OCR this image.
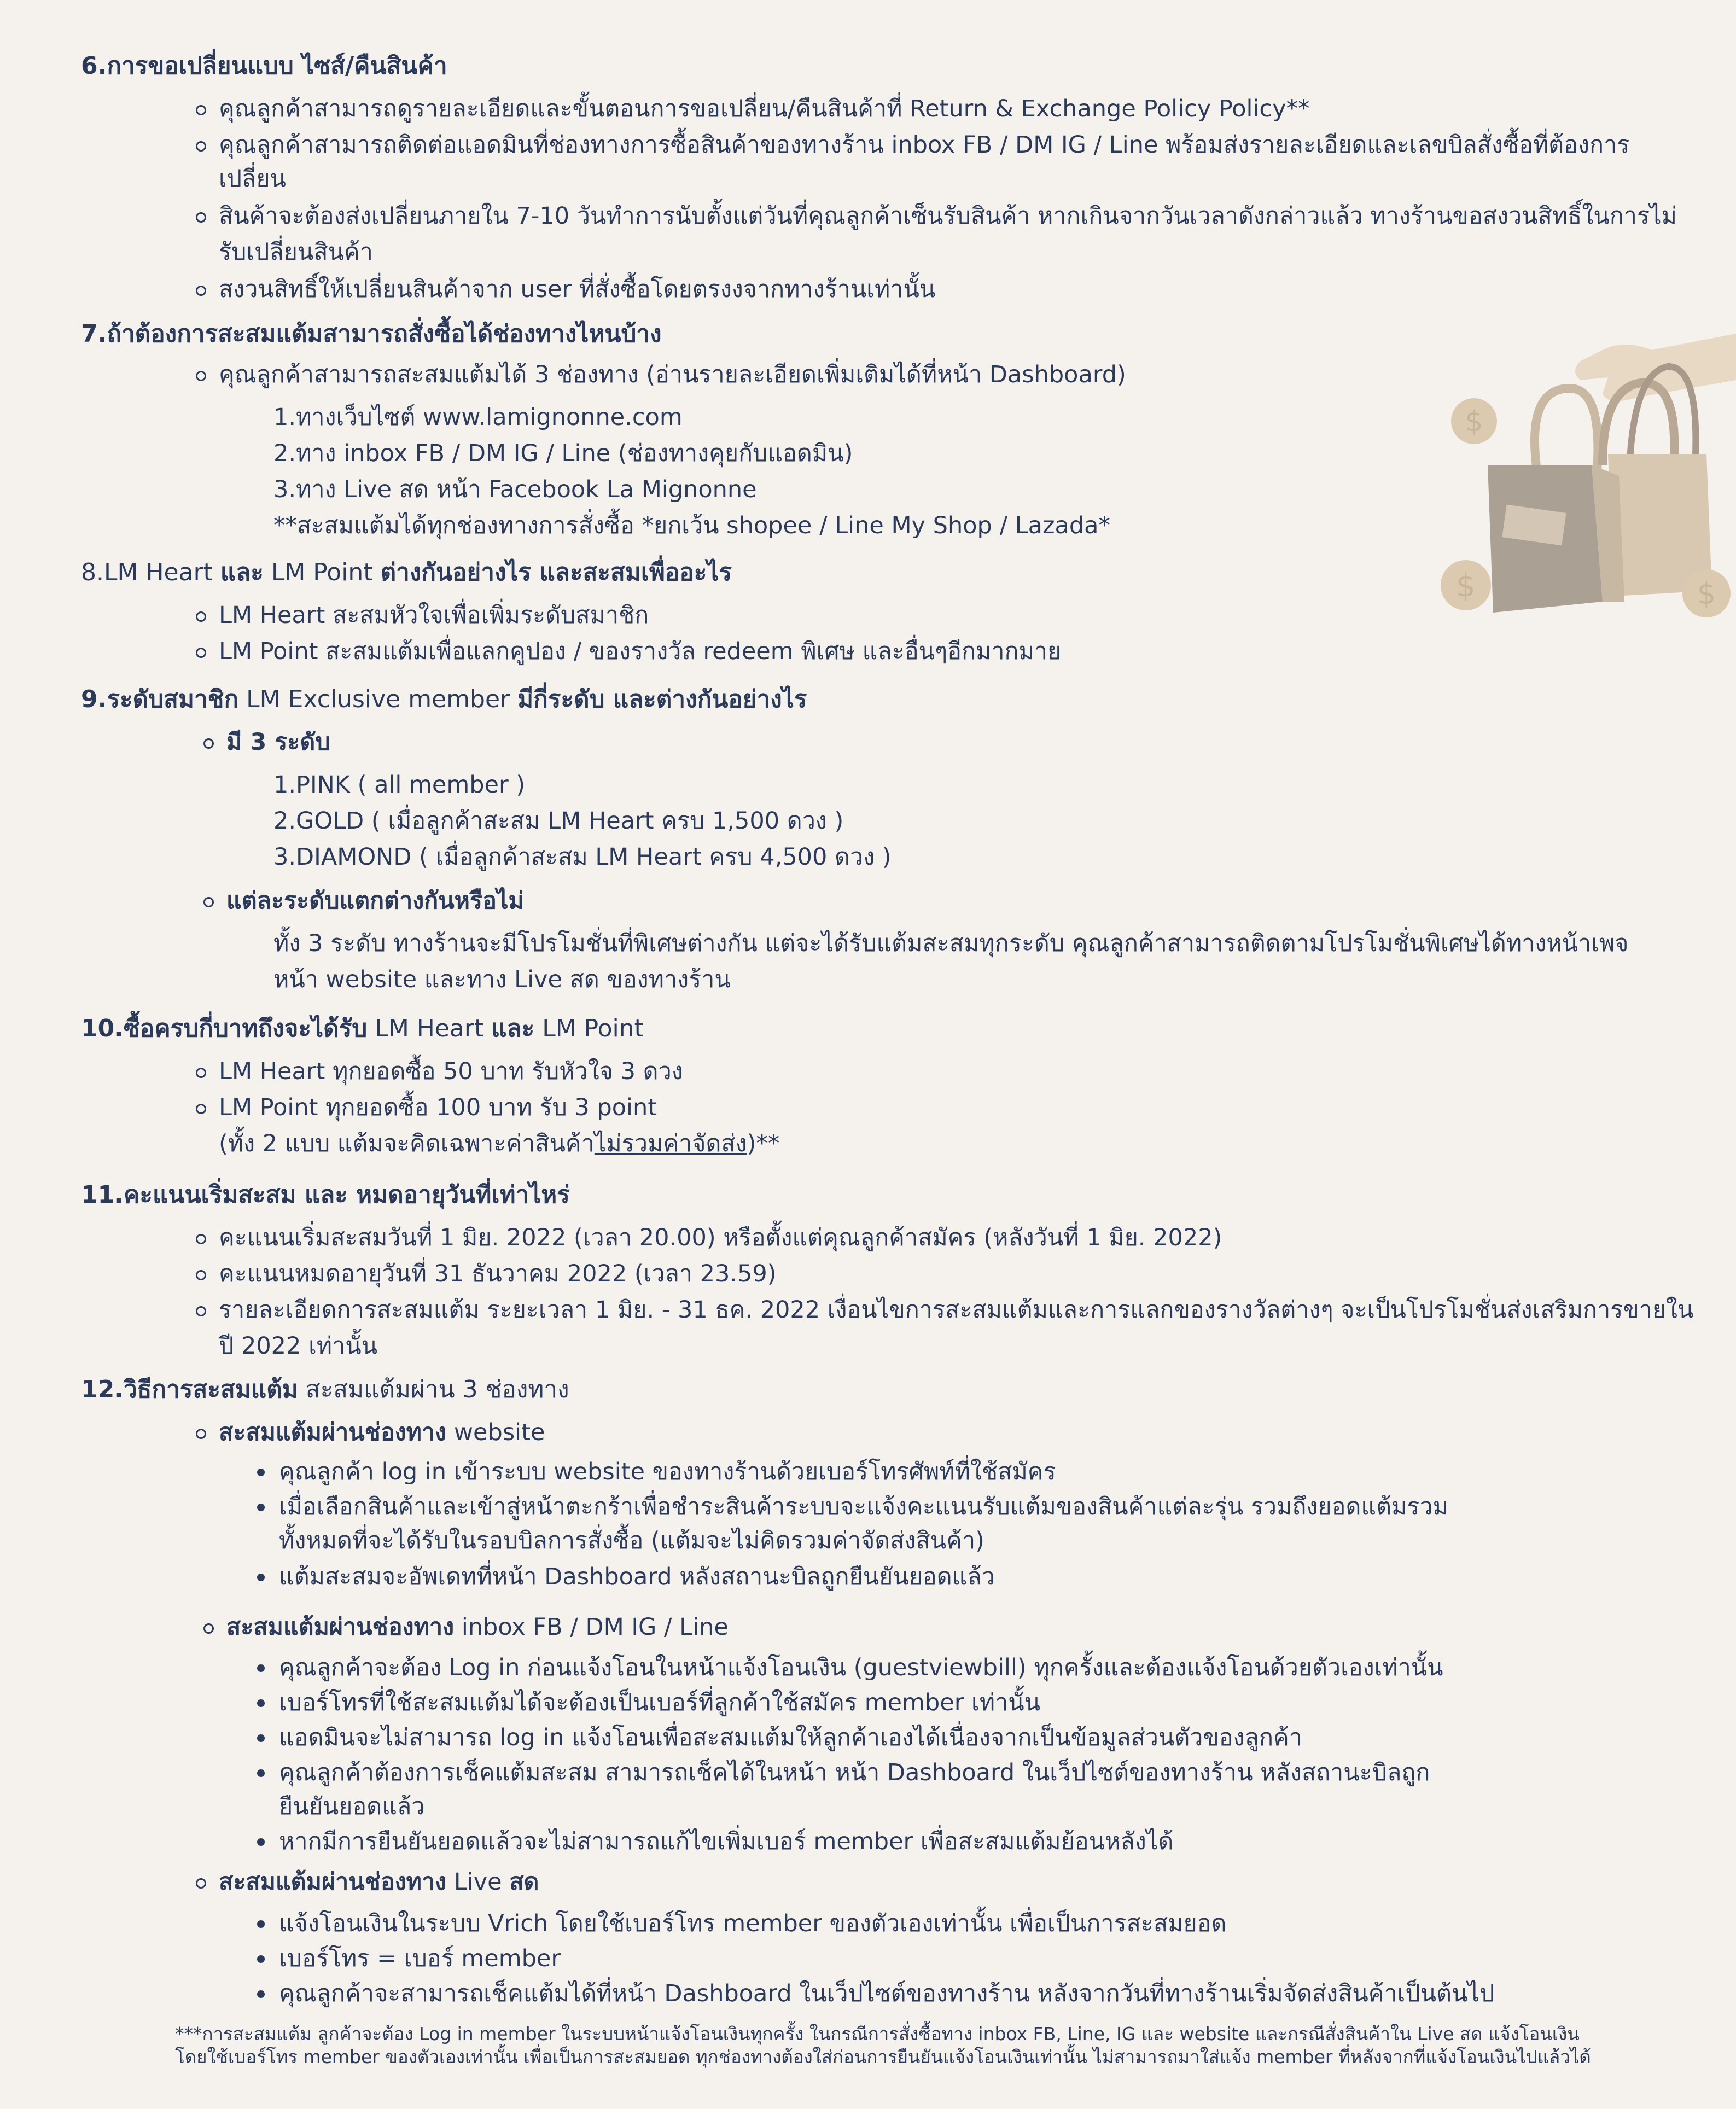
6.การขอเปลี่ยนแบบ ไซส์/คืนสินค้า
คุณลูกค้าสามารถดูรายละเอียดและขั้นตอนการขอเปลี่ยน/คืนสินค้าที่ Return & Exchange Policy Policy**
คุณลูกค้าสามารถติดต่อแอดมินที่ช่องทางการซื้อสินค้าของทางร้าน inbox FB / DM IG / Line พร้อมส่งรายละเอียดและเลขบิลสั่งซื้อที่ต้องการ
เปลี่ยน
สินค้าจะต้องส่งเปลี่ยนภายใน 7-10 วันทำการนับตั้งแต่วันที่คุณลูกค้าเซ็นรับสินค้า หากเกินจากวันเวลาดังกล่าวแล้ว ทางร้านขอสงวนสิทธิ์ในการไม่
รับเปลี่ยนสินค้า
สงวนสิทธิ์ให้เปลี่ยนสินค้าจาก user ที่สั่งซื้อโดยตรงงจากทางร้านเท่านั้น
7.ถ้าต้องการสะสมแต้มสามารถสั่งซื้อได้ช่องทางไหนบ้าง
คุณลูกค้าสามารถสะสมแต้มได้ 3 ช่องทาง (อ่านรายละเอียดเพิ่มเติมได้ที่หน้า Dashboard)
1.ทางเว็บไซต์ www.lamignonne.com
2.ทาง inbox FB / DM IG / Line (ช่องทางคุยกับแอดมิน)
3.ทาง Live สด หน้า Facebook La Mignonne
**สะสมแต้มได้ทุกช่องทางการสั่งซื้อ *ยกเว้น shopee / Line My Shop / Lazada*
8.LM Heart และ LM Point ต่างกันอย่างไร และสะสมเพื่ออะไร
LM Heart สะสมหัวใจเพื่อเพิ่มระดับสมาชิก
LM Point สะสมแต้มเพื่อแลกคูปอง / ของรางวัล redeem พิเศษ และอื่นๆอีกมากมาย
9.ระดับสมาชิก LM Exclusive member มีกี่ระดับ และต่างกันอย่างไร
มี 3 ระดับ
1.PINK ( all member )
2.GOLD ( เมื่อลูกค้าสะสม LM Heart ครบ 1,500 ดวง )
3.DIAMOND ( เมื่อลูกค้าสะสม LM Heart ครบ 4,500 ดวง )
แต่ละระดับแตกต่างกันหรือไม่
ทั้ง 3 ระดับ ทางร้านจะมีโปรโมชั่นที่พิเศษต่างกัน แต่จะได้รับแต้มสะสมทุกระดับ คุณลูกค้าสามารถติดตามโปรโมชั่นพิเศษได้ทางหน้าเพจ
หน้า website และทาง Live สด ของทางร้าน
10.ซื้อครบกี่บาทถึงจะได้รับ LM Heart และ LM Point
LM Heart ทุกยอดซื้อ 50 บาท รับหัวใจ 3 ดวง
LM Point ทุกยอดซื้อ 100 บาท รับ 3 point
(ทั้ง 2 แบบ แต้มจะคิดเฉพาะค่าสินค้าไม่รวมค่าจัดส่ง)**
11.คะแนนเริ่มสะสม และ หมดอายุวันที่เท่าไหร่
คะแนนเริ่มสะสมวันที่ 1 มิย. 2022 (เวลา 20.00) หรือตั้งแต่คุณลูกค้าสมัคร (หลังวันที่ 1 มิย. 2022)
คะแนนหมดอายุวันที่ 31 ธันวาคม 2022 (เวลา 23.59)
รายละเอียดการสะสมแต้ม ระยะเวลา 1 มิย. - 31 ธค. 2022 เงื่อนไขการสะสมแต้มและการแลกของรางวัลต่างๆ จะเป็นโปรโมชั่นส่งเสริมการขายใน
ปี 2022 เท่านั้น
12.วิธีการสะสมแต้ม สะสมแต้มผ่าน 3 ช่องทาง
สะสมแต้มผ่านช่องทาง website
คุณลูกค้า log in เข้าระบบ website ของทางร้านด้วยเบอร์โทรศัพท์ที่ใช้สมัคร
เมื่อเลือกสินค้าและเข้าสู่หน้าตะกร้าเพื่อชำระสินค้าระบบจะแจ้งคะแนนรับแต้มของสินค้าแต่ละรุ่น รวมถึงยอดแต้มรวม
ทั้งหมดที่จะได้รับในรอบบิลการสั่งซื้อ (แต้มจะไม่คิดรวมค่าจัดส่งสินค้า)
แต้มสะสมจะอัพเดทที่หน้า Dashboard หลังสถานะบิลถูกยืนยันยอดแล้ว
สะสมแต้มผ่านช่องทาง inbox FB / DM IG / Line
คุณลูกค้าจะต้อง Log in ก่อนแจ้งโอนในหน้าแจ้งโอนเงิน (guestviewbill) ทุกครั้งและต้องแจ้งโอนด้วยตัวเองเท่านั้น
เบอร์โทรที่ใช้สะสมแต้มได้จะต้องเป็นเบอร์ที่ลูกค้าใช้สมัคร member เท่านั้น
แอดมินจะไม่สามารถ log in แจ้งโอนเพื่อสะสมแต้มให้ลูกค้าเองได้เนื่องจากเป็นข้อมูลส่วนตัวของลูกค้า
คุณลูกค้าต้องการเช็คแต้มสะสม สามารถเช็คได้ในหน้า หน้า Dashboard ในเว็ปไซต์ของทางร้าน หลังสถานะบิลถูก
ยืนยันยอดแล้ว
หากมีการยืนยันยอดแล้วจะไม่สามารถแก้ไขเพิ่มเบอร์ member เพื่อสะสมแต้มย้อนหลังได้
สะสมแต้มผ่านช่องทาง Live สด
แจ้งโอนเงินในระบบ Vrich โดยใช้เบอร์โทร member ของตัวเองเท่านั้น เพื่อเป็นการสะสมยอด
เบอร์โทร = เบอร์ member
คุณลูกค้าจะสามารถเช็คแต้มได้ที่หน้า Dashboard ในเว็ปไซต์ของทางร้าน หลังจากวันที่ทางร้านเริ่มจัดส่งสินค้าเป็นต้นไป
***การสะสมแต้ม ลูกค้าจะต้อง Log in member ในระบบหน้าแจ้งโอนเงินทุกครั้ง ในกรณีการสั่งซื้อทาง inbox FB, Line, IG และ website และกรณีสั่งสินค้าใน Live สด แจ้งโอนเงิน
โดยใช้เบอร์โทร member ของตัวเองเท่านั้น เพื่อเป็นการสะสมยอด ทุกช่องทางต้องใส่ก่อนการยืนยันแจ้งโอนเงินเท่านั้น ไม่สามารถมาใส่แจ้ง member ที่หลังจากที่แจ้งโอนเงินไปแล้วได้
$
$	$
